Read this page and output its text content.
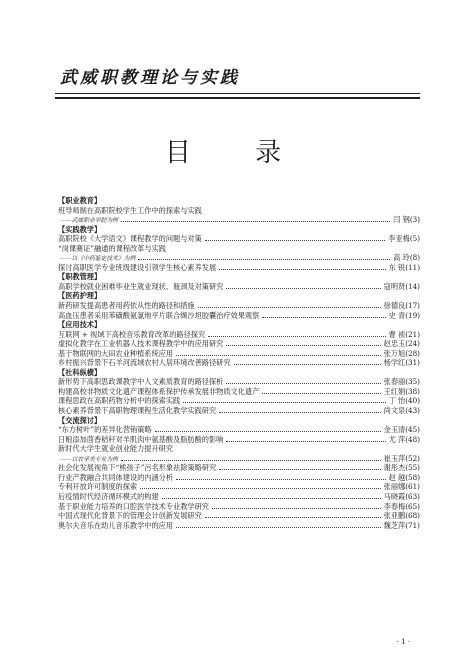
武威职教理论与实践
目 录
【职业教育】
班导师制在高职院校学生工作中的探索与实践
——武威职业学院为例	闫 钢(3)
【实践教学】
高职院校《大学语文》课程教学的问题与对策	李亚梅(5)
“岗课赛证”融通的课程改革与实践
——以《中药鉴定技术》为例	高 玲(8)
探讨高职医学专业班级建设引领学生核心素养发展	东 锐(11)
【职教管理】
高职学校就业困难毕业生就业现状、瓶颈及对策研究	寇明贤(14)
【医药护理】
新药研发提高患者用药依从性的路径和措施	徐德良(17)
高血压患者采用苯磺酸氨氯地平片联合缬沙坦胶囊治疗效果观察	史 青(19)
【应用技术】
互联网 + 视域下高校音乐教育改革的路径探究	曹 祯(21)
虚拟化教学在工业机器人技术课程教学中的应用研究	赵忠玉(24)
基于物联网的大田农业种植系统应用	张万旭(28)
乡村振兴背景下石羊河流域农村人居环境改善路径研究	杨学红(31)
【社科纵横】
新形势下高职思政课教学中人文素质教育的路径探析	张春丽(35)
构建高校非物质文化遗产课程体系保护传承发展非物质文化遗产	王红娟(38)
课程思政在高职药物分析中的探索实践	丁 怡(40)
核心素养背景下高职物理课程生活化教学实践研究	尚文泉(43)
【交流探讨】
“东方树叶”的差异化营销策略	金玉清(45)
日粮添加茴香秸秆对羊肌肉中氨基酸及脂肪酸的影响	尤 萍(48)
新时代大学生就业创业能力提升研究
——以农学类专业为例	崔玉萍(52)
社会化发展视角下“熊孩子”污名形象祛除策略研究	谢彤杰(55)
行业产教融合共同体建设的内涵分析	赵 越(58)
专利开放许可制度的探索	张丽娜(61)
后疫情时代经济循环模式的构建	马晓霞(63)
基于职业能力培养的口腔医学技术专业教学研究	李春梅(65)
中国式现代化背景下的管理会计创新发展研究	张亚鹏(68)
奥尔夫音乐在幼儿音乐教学中的应用	魏芝萍(71)
· 1 ·
